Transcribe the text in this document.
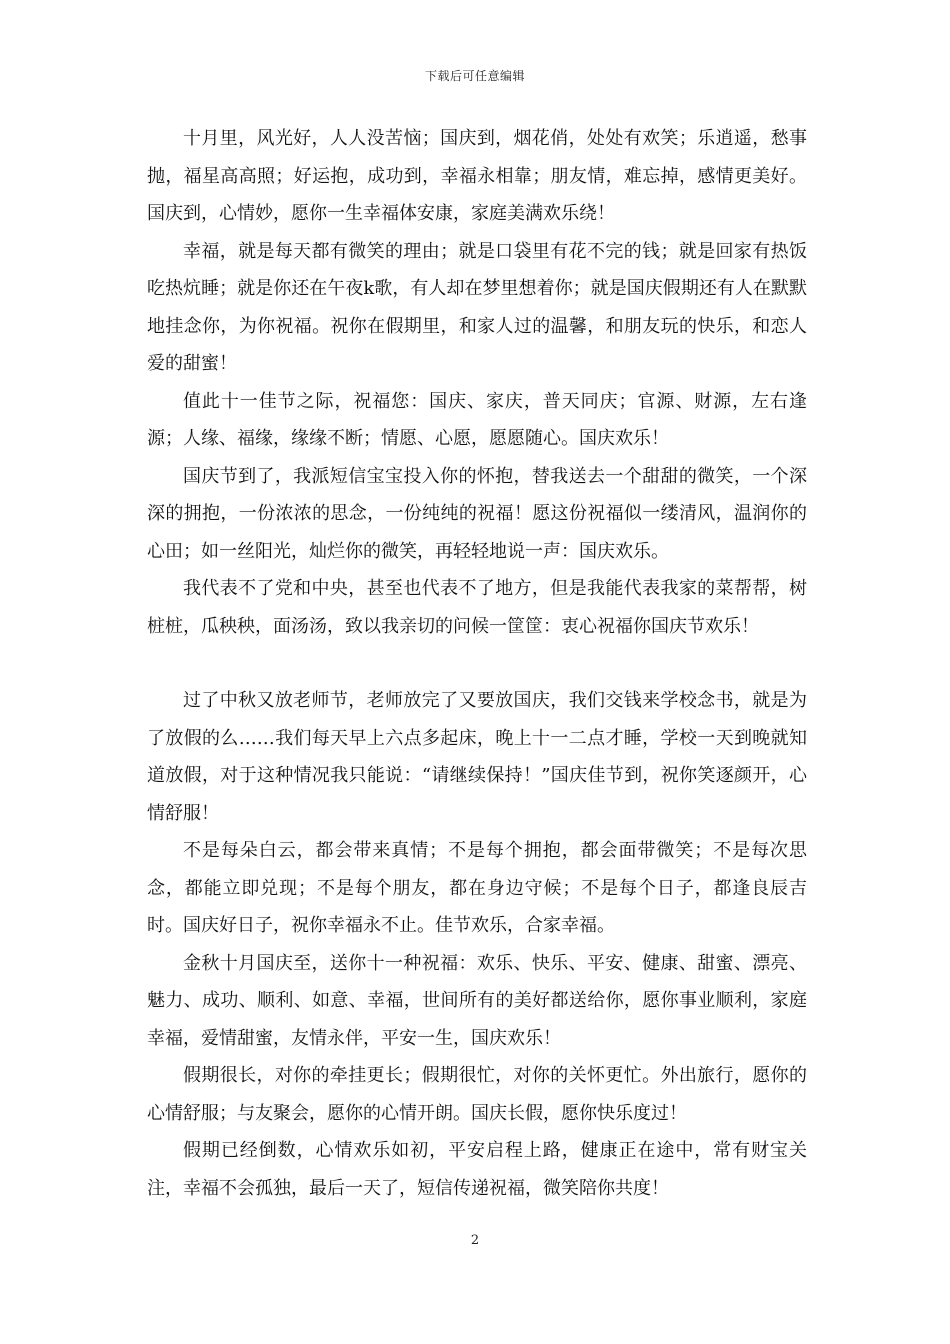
下载后可任意编辑

十月里，风光好，人人没苦恼；国庆到，烟花俏，处处有欢笑；乐逍遥，愁事抛，福星高高照；好运抱，成功到，幸福永相靠；朋友情，难忘掉，感情更美好。国庆到，心情妙，愿你一生幸福体安康，家庭美满欢乐绕！

幸福，就是每天都有微笑的理由；就是口袋里有花不完的钱；就是回家有热饭吃热炕睡；就是你还在午夜k歌，有人却在梦里想着你；就是国庆假期还有人在默默地挂念你，为你祝福。祝你在假期里，和家人过的温馨，和朋友玩的快乐，和恋人爱的甜蜜！

值此十一佳节之际，祝福您：国庆、家庆，普天同庆；官源、财源，左右逢源；人缘、福缘，缘缘不断；情愿、心愿，愿愿随心。国庆欢乐！

国庆节到了，我派短信宝宝投入你的怀抱，替我送去一个甜甜的微笑，一个深深的拥抱，一份浓浓的思念，一份纯纯的祝福！愿这份祝福似一缕清风，温润你的心田；如一丝阳光，灿烂你的微笑，再轻轻地说一声：国庆欢乐。

我代表不了党和中央，甚至也代表不了地方，但是我能代表我家的菜帮帮，树桩桩，瓜秧秧，面汤汤，致以我亲切的问候一筐筐：衷心祝福你国庆节欢乐！

过了中秋又放老师节，老师放完了又要放国庆，我们交钱来学校念书，就是为了放假的么……我们每天早上六点多起床，晚上十一二点才睡，学校一天到晚就知道放假，对于这种情况我只能说：“请继续保持！”国庆佳节到，祝你笑逐颜开，心情舒服！

不是每朵白云，都会带来真情；不是每个拥抱，都会面带微笑；不是每次思念，都能立即兑现；不是每个朋友，都在身边守候；不是每个日子，都逢良辰吉时。国庆好日子，祝你幸福永不止。佳节欢乐，合家幸福。

金秋十月国庆至，送你十一种祝福：欢乐、快乐、平安、健康、甜蜜、漂亮、魅力、成功、顺利、如意、幸福，世间所有的美好都送给你，愿你事业顺利，家庭幸福，爱情甜蜜，友情永伴，平安一生，国庆欢乐！

假期很长，对你的牵挂更长；假期很忙，对你的关怀更忙。外出旅行，愿你的心情舒服；与友聚会，愿你的心情开朗。国庆长假，愿你快乐度过！

假期已经倒数，心情欢乐如初，平安启程上路，健康正在途中，常有财宝关注，幸福不会孤独，最后一天了，短信传递祝福，微笑陪你共度！

2
